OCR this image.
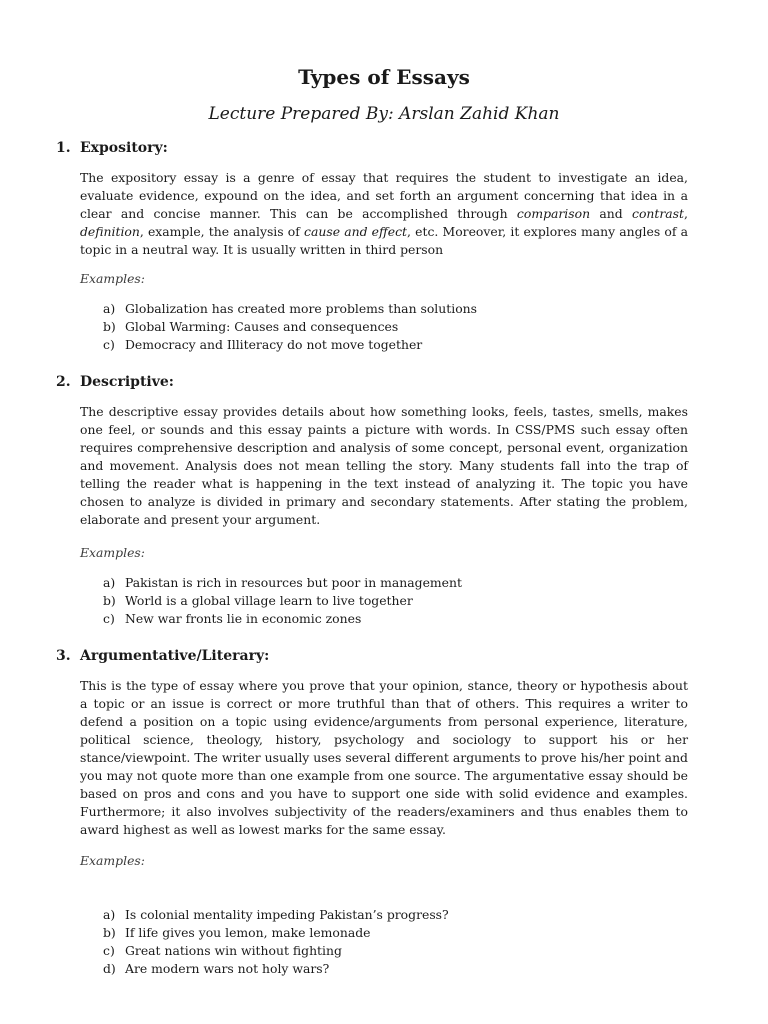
Types of Essays
Lecture Prepared By: Arslan Zahid Khan
1. Expository:

The expository essay is a genre of essay that requires the student to investigate an idea, evaluate evidence, expound on the idea, and set forth an argument concerning that idea in a clear and concise manner. This can be accomplished through comparison and contrast, definition, example, the analysis of cause and effect, etc. Moreover, it explores many angles of a topic in a neutral way. It is usually written in third person

Examples:
a) Globalization has created more problems than solutions
b) Global Warming: Causes and consequences
c) Democracy and Illiteracy do not move together
2. Descriptive:

The descriptive essay provides details about how something looks, feels, tastes, smells, makes one feel, or sounds and this essay paints a picture with words. In CSS/PMS such essay often requires comprehensive description and analysis of some concept, personal event, organization and movement. Analysis does not mean telling the story. Many students fall into the trap of telling the reader what is happening in the text instead of analyzing it. The topic you have chosen to analyze is divided in primary and secondary statements. After stating the problem, elaborate and present your argument.

Examples:
a) Pakistan is rich in resources but poor in management
b) World is a global village learn to live together
c) New war fronts lie in economic zones
3. Argumentative/Literary:

This is the type of essay where you prove that your opinion, stance, theory or hypothesis about a topic or an issue is correct or more truthful than that of others. This requires a writer to defend a position on a topic using evidence/arguments from personal experience, literature, political science, theology, history, psychology and sociology to support his or her stance/viewpoint. The writer usually uses several different arguments to prove his/her point and you may not quote more than one example from one source. The argumentative essay should be based on pros and cons and you have to support one side with solid evidence and examples. Furthermore; it also involves subjectivity of the readers/examiners and thus enables them to award highest as well as lowest marks for the same essay.

Examples:
a) Is colonial mentality impeding Pakistan’s progress?
b) If life gives you lemon, make lemonade
c) Great nations win without fighting
d) Are modern wars not holy wars?
